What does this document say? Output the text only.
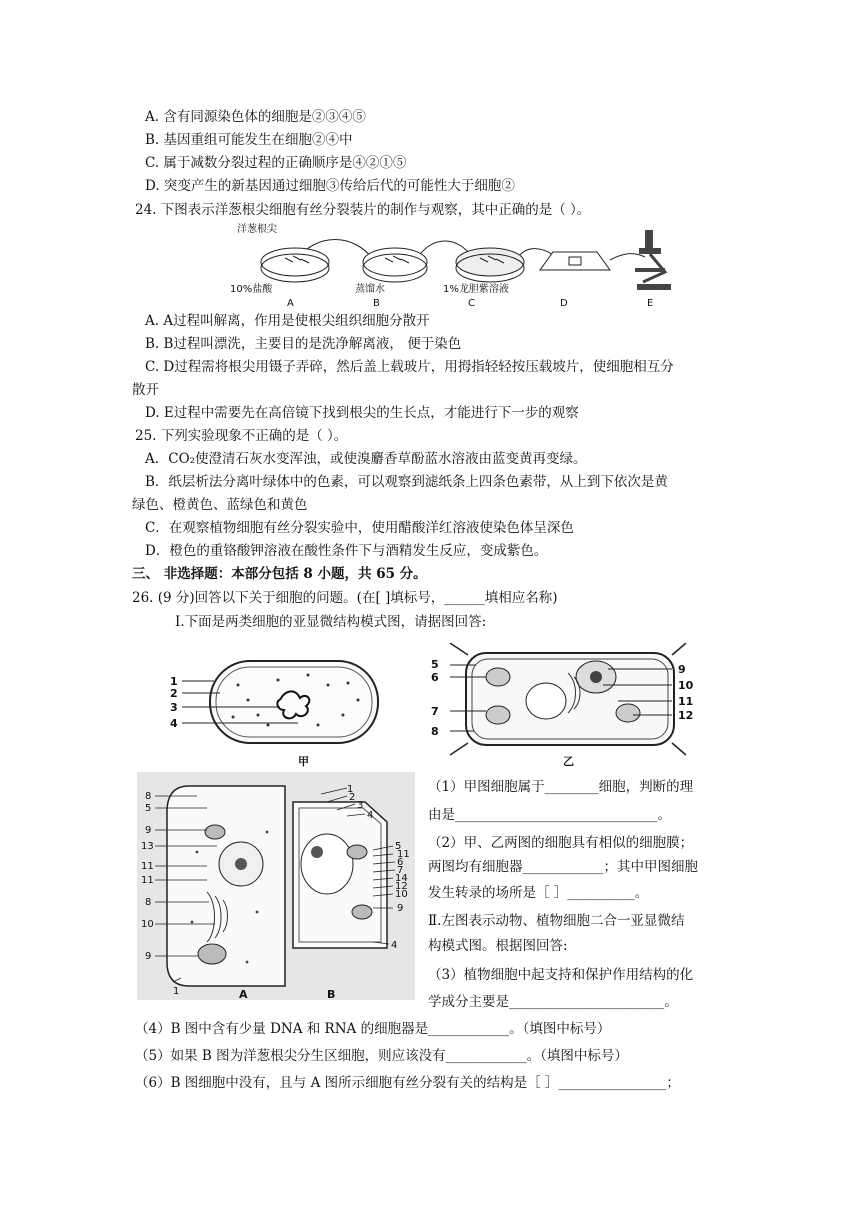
A. 含有同源染色体的细胞是②③④⑤
B. 基因重组可能发生在细胞②④中
C. 属于减数分裂过程的正确顺序是④②①⑤
D. 突变产生的新基因通过细胞③传给后代的可能性大于细胞②
24. 下图表示洋葱根尖细胞有丝分裂装片的制作与观察，其中正确的是（ ）。
洋葱根尖
10%盐酸	蒸馏水	1%龙胆紫溶液
A	B	C	D	E
A. A过程叫解离，作用是使根尖组织细胞分散开
B. B过程叫漂洗，主要目的是洗净解离液， 便于染色
C. D过程需将根尖用镊子弄碎，然后盖上载玻片，用拇指轻轻按压载坡片，使细胞相互分
散开
D. E过程中需要先在高倍镜下找到根尖的生长点，才能进行下一步的观察
25. 下列实验现象不正确的是（ ）。
A．CO₂使澄清石灰水变浑浊，或使溴麝香草酚蓝水溶液由蓝变黄再变绿。
B．纸层析法分离叶绿体中的色素，可以观察到滤纸条上四条色素带，从上到下依次是黄
绿色、橙黄色、蓝绿色和黄色
C．在观察植物细胞有丝分裂实验中，使用醋酸洋红溶液使染色体呈深色
D．橙色的重铬酸钾溶液在酸性条件下与酒精发生反应，变成紫色。
三、 非选择题：本部分包括 8 小题，共 65 分。
26. (9 分)回答以下关于细胞的问题。(在[ ]填标号，______填相应名称)
Ⅰ.下面是两类细胞的亚显微结构模式图，请据图回答:
1
2
3
4
甲
5
6
7
8
9
10
11
12
乙
8
5
9
13
11
11
8
10
9
1	A
1
2
3
4
5
11
6
7
14
12
10
9
4
B
（1）甲图细胞属于________细胞，判断的理
由是______________________________。
（2）甲、乙两图的细胞具有相似的细胞膜；
两图均有细胞器____________；其中甲图细胞
发生转录的场所是［ ］__________。
Ⅱ.左图表示动物、植物细胞二合一亚显微结
构模式图。根据图回答:
（3）植物细胞中起支持和保护作用结构的化
学成分主要是_______________________。
（4）B 图中含有少量 DNA 和 RNA 的细胞器是____________。（填图中标号）
（5）如果 B 图为洋葱根尖分生区细胞，则应该没有____________。（填图中标号）
（6）B 图细胞中没有，且与 A 图所示细胞有丝分裂有关的结构是［ ］________________；
